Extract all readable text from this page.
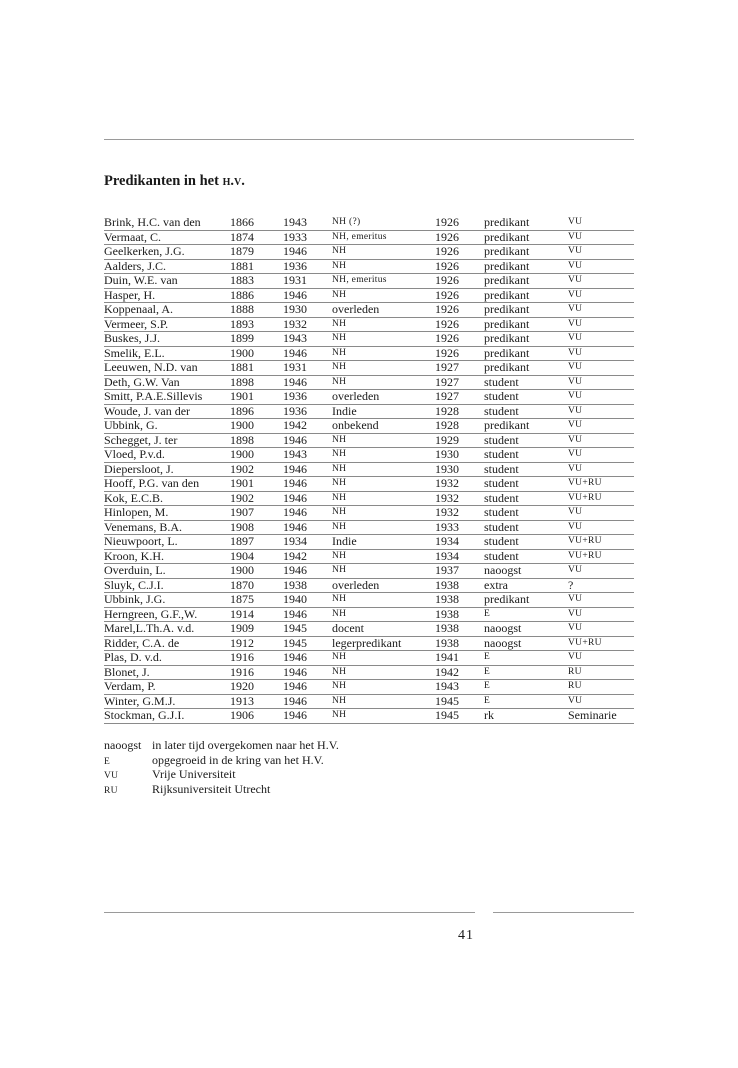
Predikanten in het h.v.
Brink, H.C. van den	1866	1943	NH (?)	1926	predikant	VU
Vermaat, C.	1874	1933	NH, emeritus	1926	predikant	VU
Geelkerken, J.G.	1879	1946	NH	1926	predikant	VU
Aalders, J.C.	1881	1936	NH	1926	predikant	VU
Duin, W.E. van	1883	1931	NH, emeritus	1926	predikant	VU
Hasper, H.	1886	1946	NH	1926	predikant	VU
Koppenaal, A.	1888	1930	overleden	1926	predikant	VU
Vermeer, S.P.	1893	1932	NH	1926	predikant	VU
Buskes, J.J.	1899	1943	NH	1926	predikant	VU
Smelik, E.L.	1900	1946	NH	1926	predikant	VU
Leeuwen, N.D. van	1881	1931	NH	1927	predikant	VU
Deth, G.W. Van	1898	1946	NH	1927	student	VU
Smitt, P.A.E.Sillevis	1901	1936	overleden	1927	student	VU
Woude, J. van der	1896	1936	Indie	1928	student	VU
Ubbink, G.	1900	1942	onbekend	1928	predikant	VU
Schegget, J. ter	1898	1946	NH	1929	student	VU
Vloed, P.v.d.	1900	1943	NH	1930	student	VU
Diepersloot, J.	1902	1946	NH	1930	student	VU
Hooff, P.G. van den	1901	1946	NH	1932	student	VU+RU
Kok, E.C.B.	1902	1946	NH	1932	student	VU+RU
Hinlopen, M.	1907	1946	NH	1932	student	VU
Venemans, B.A.	1908	1946	NH	1933	student	VU
Nieuwpoort, L.	1897	1934	Indie	1934	student	VU+RU
Kroon, K.H.	1904	1942	NH	1934	student	VU+RU
Overduin, L.	1900	1946	NH	1937	naoogst	VU
Sluyk, C.J.I.	1870	1938	overleden	1938	extra	?
Ubbink, J.G.	1875	1940	NH	1938	predikant	VU
Herngreen, G.F.,W.	1914	1946	NH	1938	E	VU
Marel,L.Th.A. v.d.	1909	1945	docent	1938	naoogst	VU
Ridder, C.A. de	1912	1945	legerpredikant	1938	naoogst	VU+RU
Plas, D. v.d.	1916	1946	NH	1941	E	VU
Blonet, J.	1916	1946	NH	1942	E	RU
Verdam, P.	1920	1946	NH	1943	E	RU
Winter, G.M.J.	1913	1946	NH	1945	E	VU
Stockman, G.J.I.	1906	1946	NH	1945	rk	Seminarie
naoogst in later tijd overgekomen naar het H.V.
E	opgegroeid in de kring van het H.V.
VU	Vrije Universiteit
RU	Rijksuniversiteit Utrecht
41
